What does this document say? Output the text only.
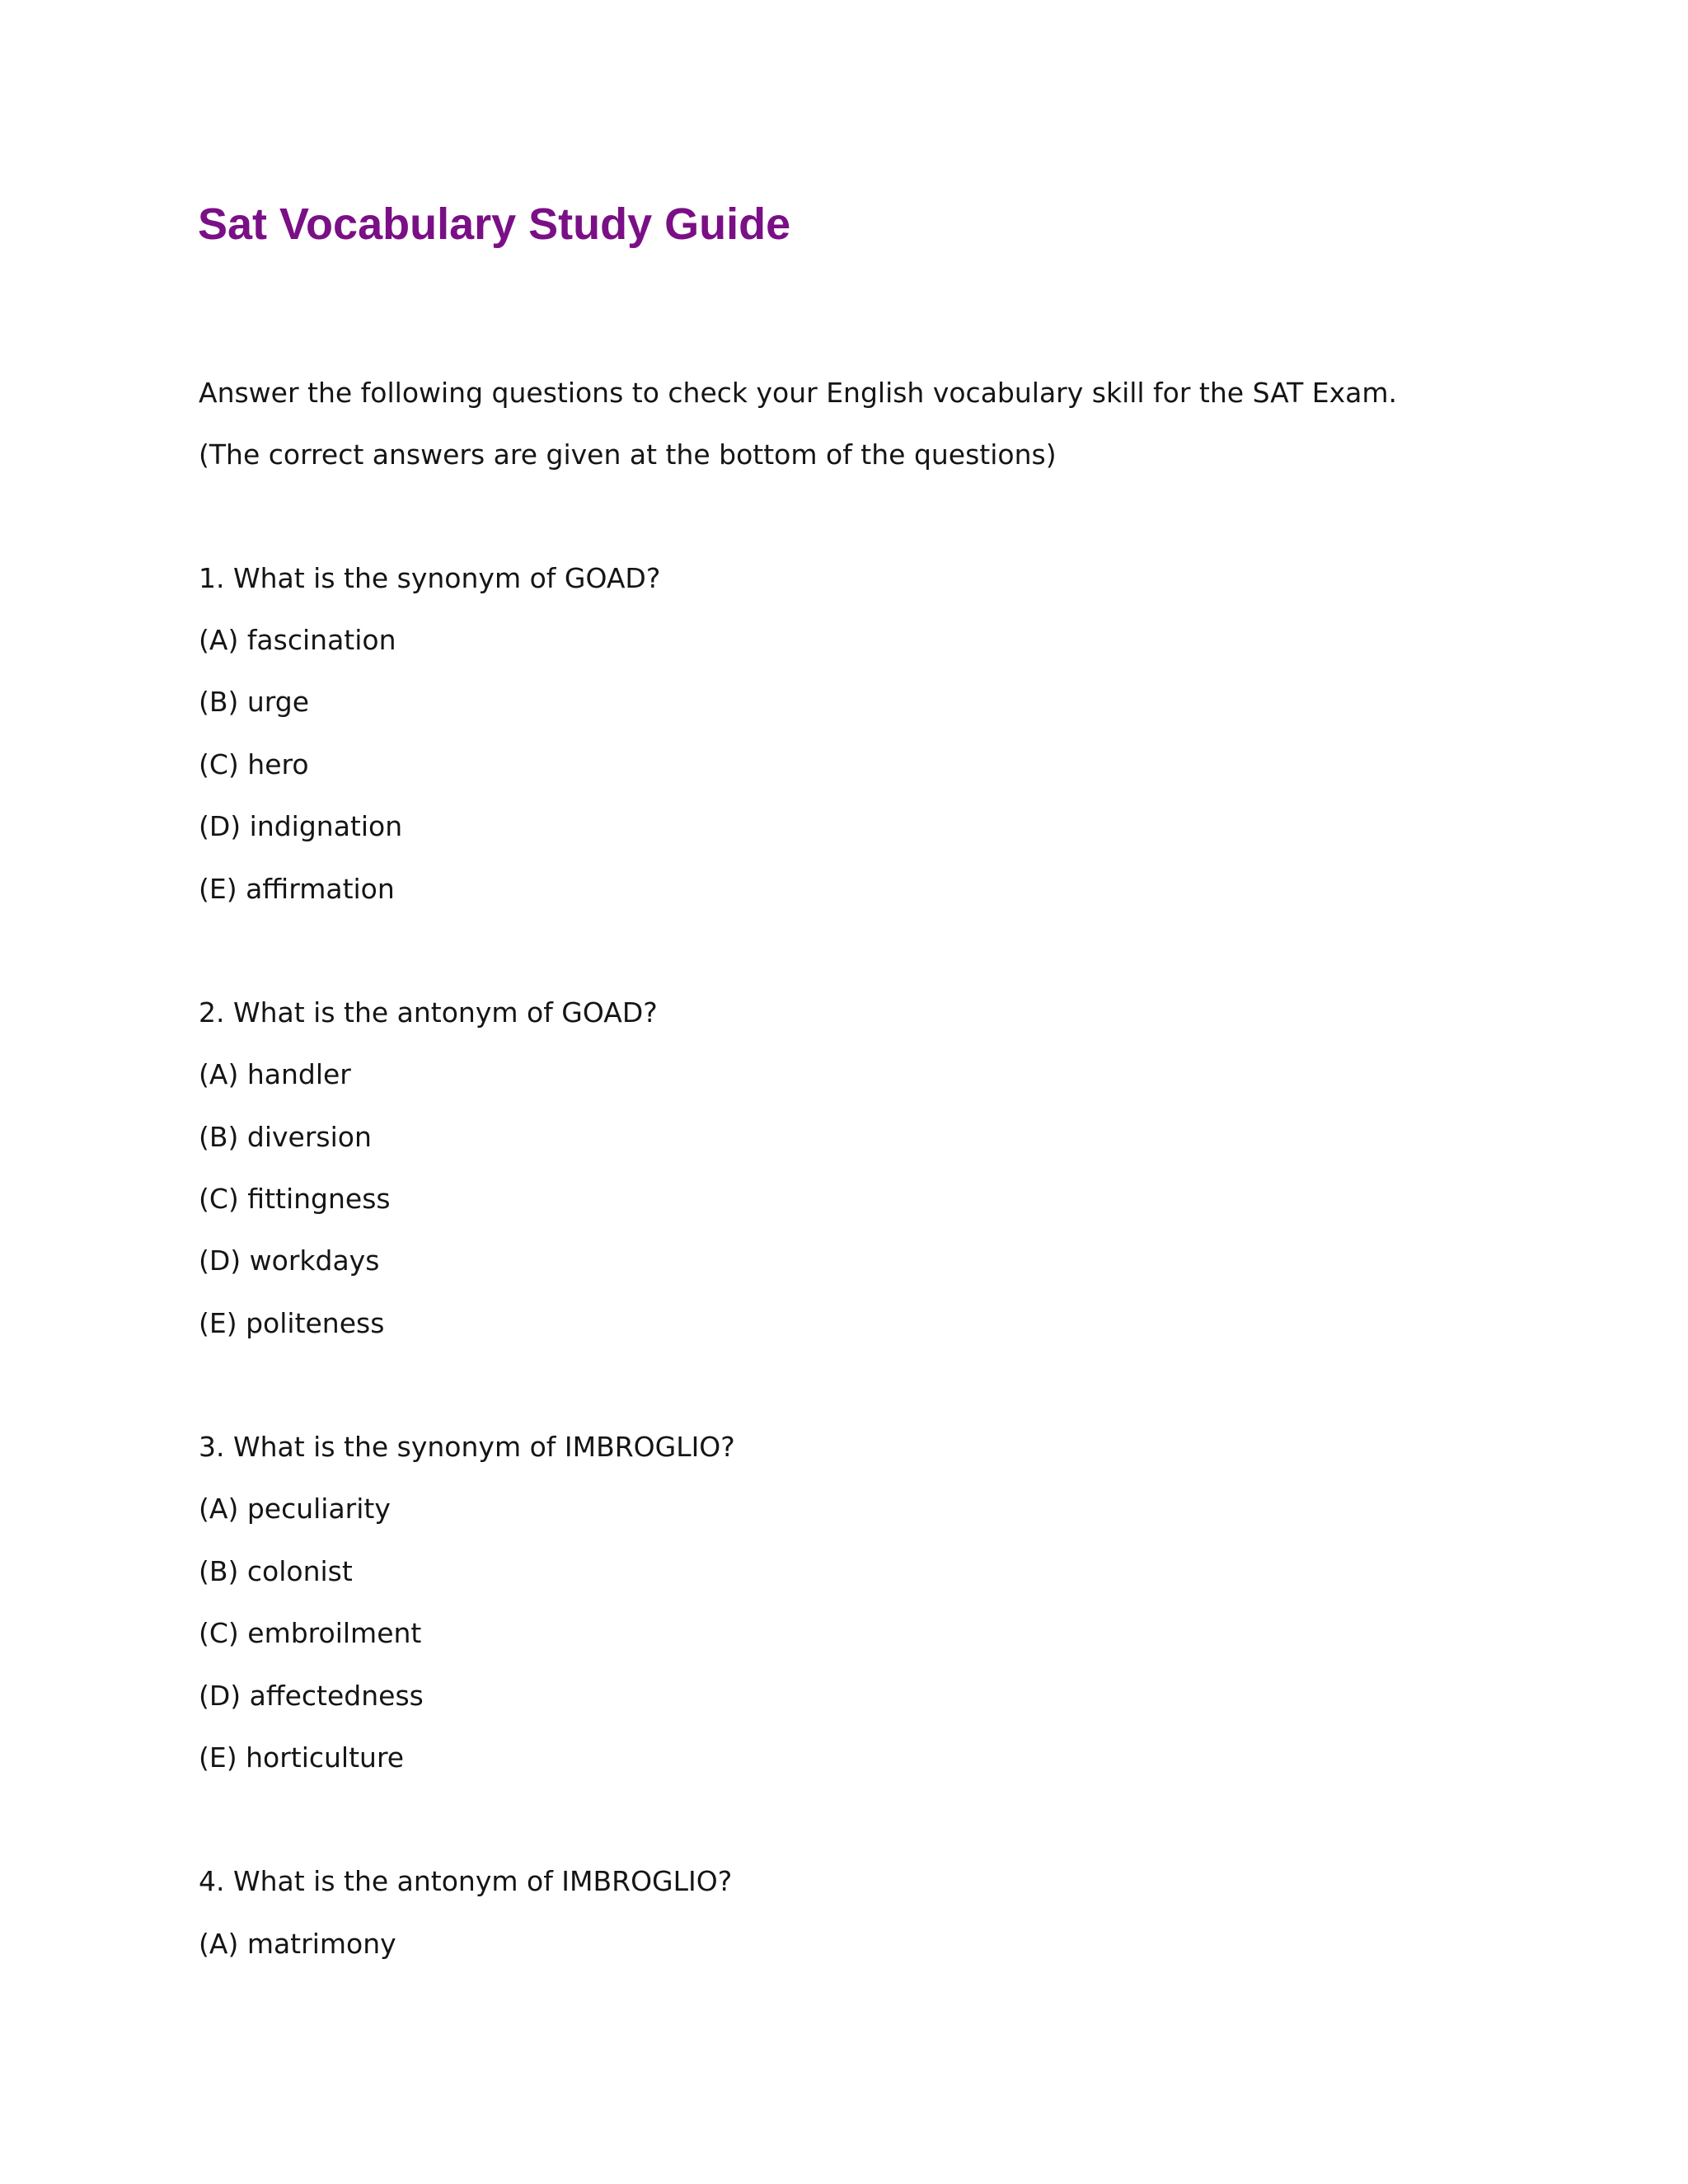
Sat Vocabulary Study Guide

Answer the following questions to check your English vocabulary skill for the SAT Exam.

(The correct answers are given at the bottom of the questions)

1. What is the synonym of GOAD?

(A) fascination

(B) urge

(C) hero

(D) indignation

(E) affirmation

2. What is the antonym of GOAD?

(A) handler

(B) diversion

(C) fittingness

(D) workdays

(E) politeness

3. What is the synonym of IMBROGLIO?

(A) peculiarity

(B) colonist

(C) embroilment

(D) affectedness

(E) horticulture

4. What is the antonym of IMBROGLIO?

(A) matrimony
